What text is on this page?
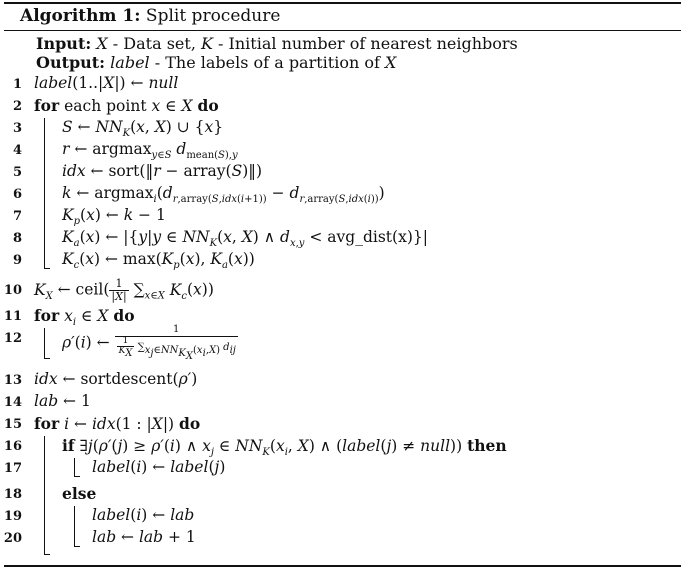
Algorithm 1: Split procedure
Input: X - Data set, K - Initial number of nearest neighbors
Output: label - The labels of a partition of X
1 label(1..|X|) ← null
2 for each point x ∈ X do
3	S ← $NN_K(x$, X) ∪ {x}
4	r ← argmax$_{y\in S}$ $d_{mean(S),y}$
5	idx ← sort(‖r − array(S)‖)
6	k ← $argmax_i(d_{r,array(S,idx(i+1))} - d_{r,array(S,idx(i))})$
7	$K_p(x)$ ← k − 1
8	$K_a(x)$ ← |{y|y ∈ $NN_K(x$, X) ∧ $d_{x,y}$ < avg_dist(x)}|
9	$K_c(x)$ ← $\max(K_p(x)$, $K_a(x)$)
10 $K_X$ ← ceil( $\frac{1}{|X|} \sum_{x\in X}$ $K_c(x)$)
11 for $x_i$ ∈ X do
12	ρ′(i) ← $\frac{1}{\frac{1}{K_X} \sum_{x_j\in NN_{K_X}(x_i,X)} d_{ij}}$
13 idx ← sortdescent(ρ′)
14 lab ← 1
15 for i ← idx(1 : |X|) do
16	if ∃j(ρ′(j) ≥ ρ′(i) ∧ $x_j$ ∈ $NN_K(x_i$, X) ∧ (label(j) ≠ null)) then
17	label(i) ← label(j)
18	else
19	label(i) ← lab
20	lab ← lab + 1
